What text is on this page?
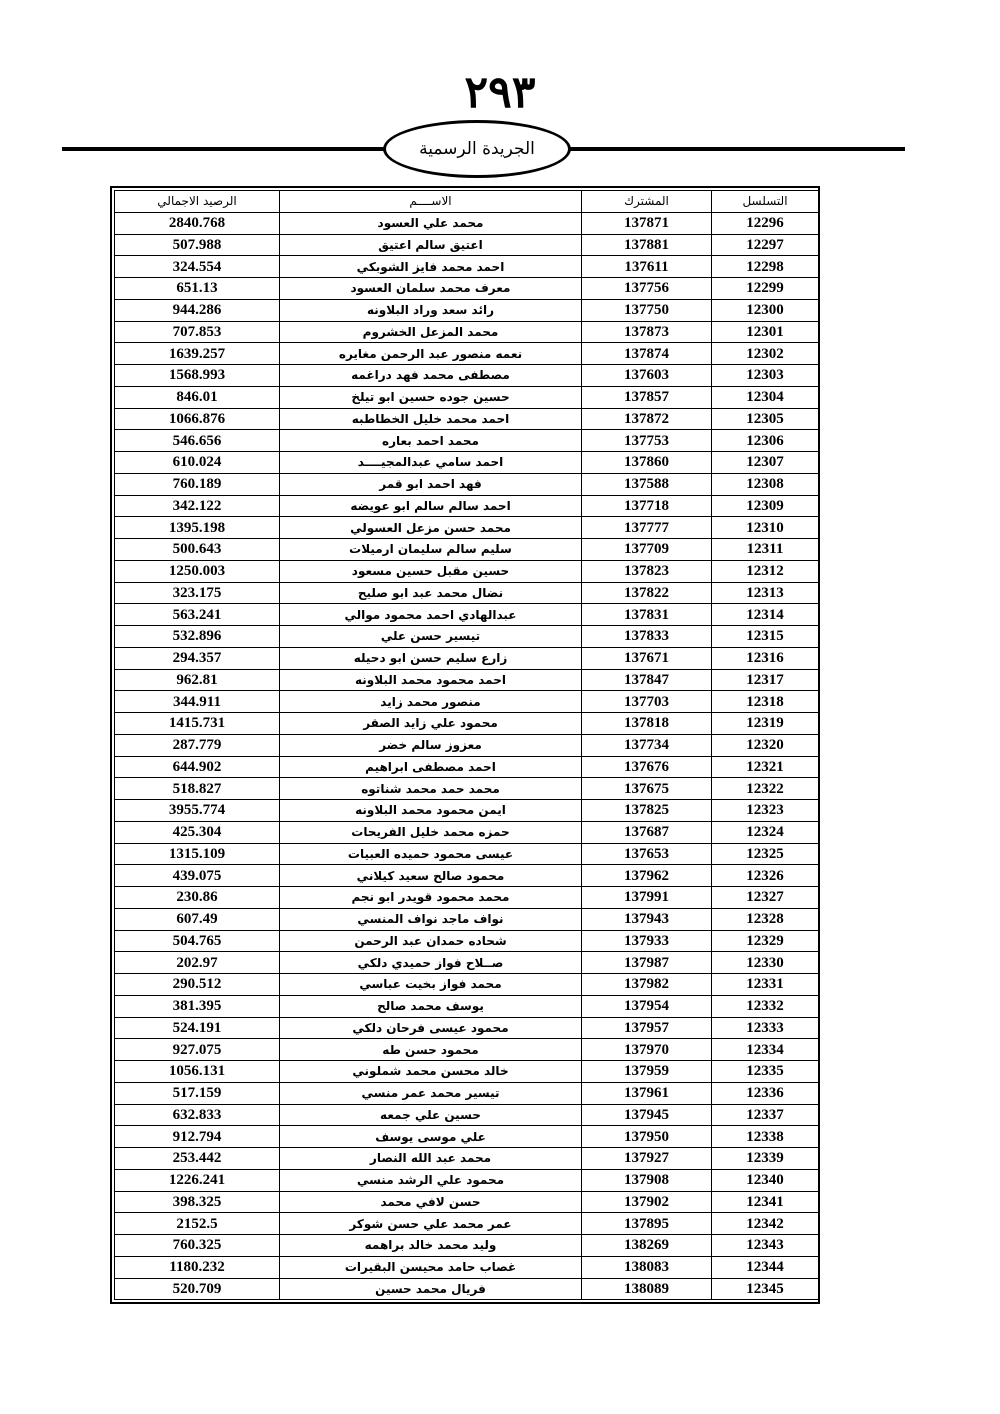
٢٩٣
الجريدة الرسمية
التسلسل	المشترك	الاســــم	الرصيد الاجمالي
12296	137871	محمد علي العسود	2840.768
12297	137881	اعتيق سالم اعتيق	507.988
12298	137611	احمد محمد فايز الشوبكي	324.554
12299	137756	معرف محمد سلمان العسود	651.13
12300	137750	رائد سعد وراد البلاونه	944.286
12301	137873	محمد المزعل الخشروم	707.853
12302	137874	نعمه منصور عبد الرحمن مغايره	1639.257
12303	137603	مصطفى محمد فهد دراغمه	1568.993
12304	137857	حسين جوده حسين ابو تيلخ	846.01
12305	137872	احمد محمد خليل الخطاطبه	1066.876
12306	137753	محمد احمد بعاره	546.656
12307	137860	احمد سامي عبدالمجيــــد	610.024
12308	137588	فهد احمد ابو قمر	760.189
12309	137718	احمد سالم سالم ابو عويضه	342.122
12310	137777	محمد حسن مزعل العسولي	1395.198
12311	137709	سليم سالم سليمان ارميلات	500.643
12312	137823	حسين مقبل حسين مسعود	1250.003
12313	137822	نضال محمد عبد ابو صليح	323.175
12314	137831	عبدالهادي احمد محمود موالي	563.241
12315	137833	تيسير حسن علي	532.896
12316	137671	زارع سليم حسن ابو دحيله	294.357
12317	137847	احمد محمود محمد البلاونه	962.81
12318	137703	منصور محمد زايد	344.911
12319	137818	محمود علي زايد الصقر	1415.731
12320	137734	معزوز سالم خضر	287.779
12321	137676	احمد مصطفى ابراهيم	644.902
12322	137675	محمد حمد محمد شناتوه	518.827
12323	137825	ايمن محمود محمد البلاونه	3955.774
12324	137687	حمزه محمد خليل الفريحات	425.304
12325	137653	عيسى محمود حميده العبيات	1315.109
12326	137962	محمود صالح سعيد كيلاني	439.075
12327	137991	محمد محمود قويدر ابو نجم	230.86
12328	137943	نواف ماجد نواف المنسي	607.49
12329	137933	شحاده حمدان عبد الرحمن	504.765
12330	137987	صــلاح فواز حميدي دلكي	202.97
12331	137982	محمد فواز بخيت عباسي	290.512
12332	137954	يوسف محمد صالح	381.395
12333	137957	محمود عيسى فرحان دلكي	524.191
12334	137970	محمود حسن طه	927.075
12335	137959	خالد محسن محمد شملوني	1056.131
12336	137961	تيسير محمد عمر منسي	517.159
12337	137945	حسين علي جمعه	632.833
12338	137950	علي موسى يوسف	912.794
12339	137927	محمد عبد الله النصار	253.442
12340	137908	محمود علي الرشد منسي	1226.241
12341	137902	حسن لافي محمد	398.325
12342	137895	عمر محمد علي حسن شوكر	2152.5
12343	138269	وليد محمد خالد براهمه	760.325
12344	138083	غصاب حامد محيسن البقيرات	1180.232
12345	138089	فريال محمد حسين	520.709
